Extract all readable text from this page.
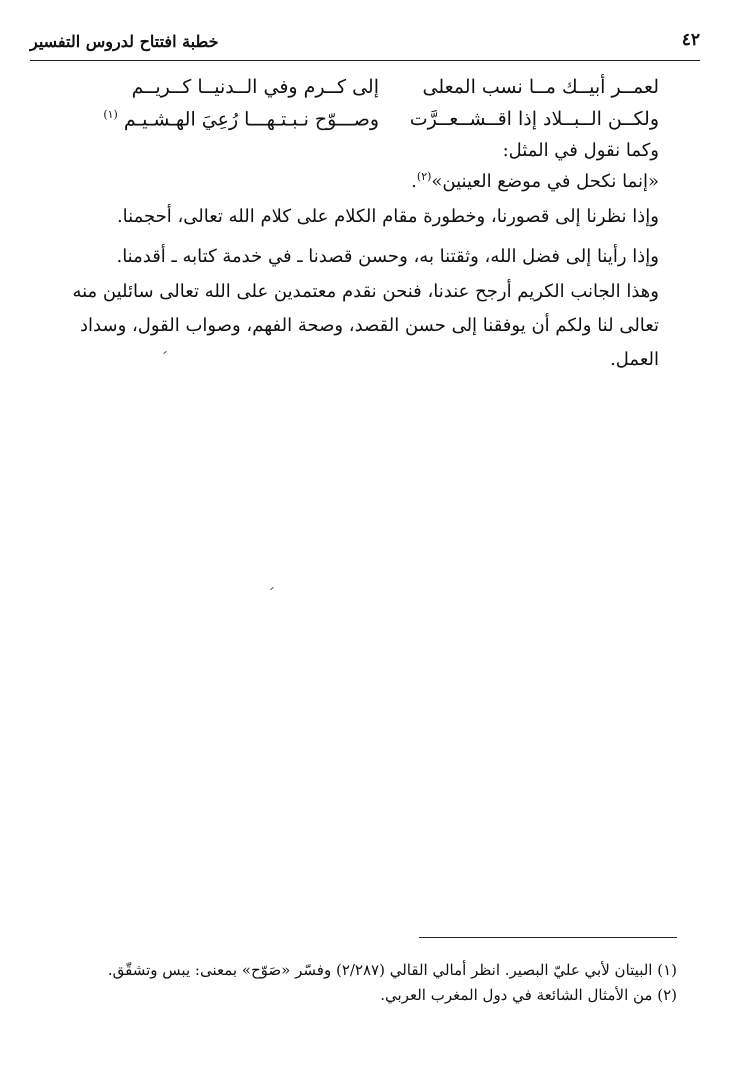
٤٢
خطبة افتتاح لدروس التفسير
لعمــر أبيــك مــا نسب المعلى
إلى كــرم وفي الــدنيــا كــريــم
ولكــن الــبــلاد إذا اقــشــعــرَّت
وصـــوّح نـبـتـهـــا رُعِيَ الهـشـيـم $^{(١)}$
وكما نقول في المثل:
«إنما نكحل في موضع العينين»$^{(٢)}$.
وإذا نظرنا إلى قصورنا، وخطورة مقام الكلام على كلام الله تعالى، أحجمنا.
وإذا رأينا إلى فضل الله، وثقتنا به، وحسن قصدنا ـ في خدمة كتابه ـ أقدمنا.
وهذا الجانب الكريم أرجح عندنا، فنحن نقدم معتمدين على الله تعالى سائلين منه تعالى لنا ولكم أن يوفقنا إلى حسن القصد، وصحة الفهم، وصواب القول، وسداد العمل.
(١) البيتان لأبي عليّ البصير. انظر أمالي القالي (٢/٢٨٧) وفسّر «صَوّح» بمعنى: يبس وتشقّق.
(٢) من الأمثال الشائعة في دول المغرب العربي.
